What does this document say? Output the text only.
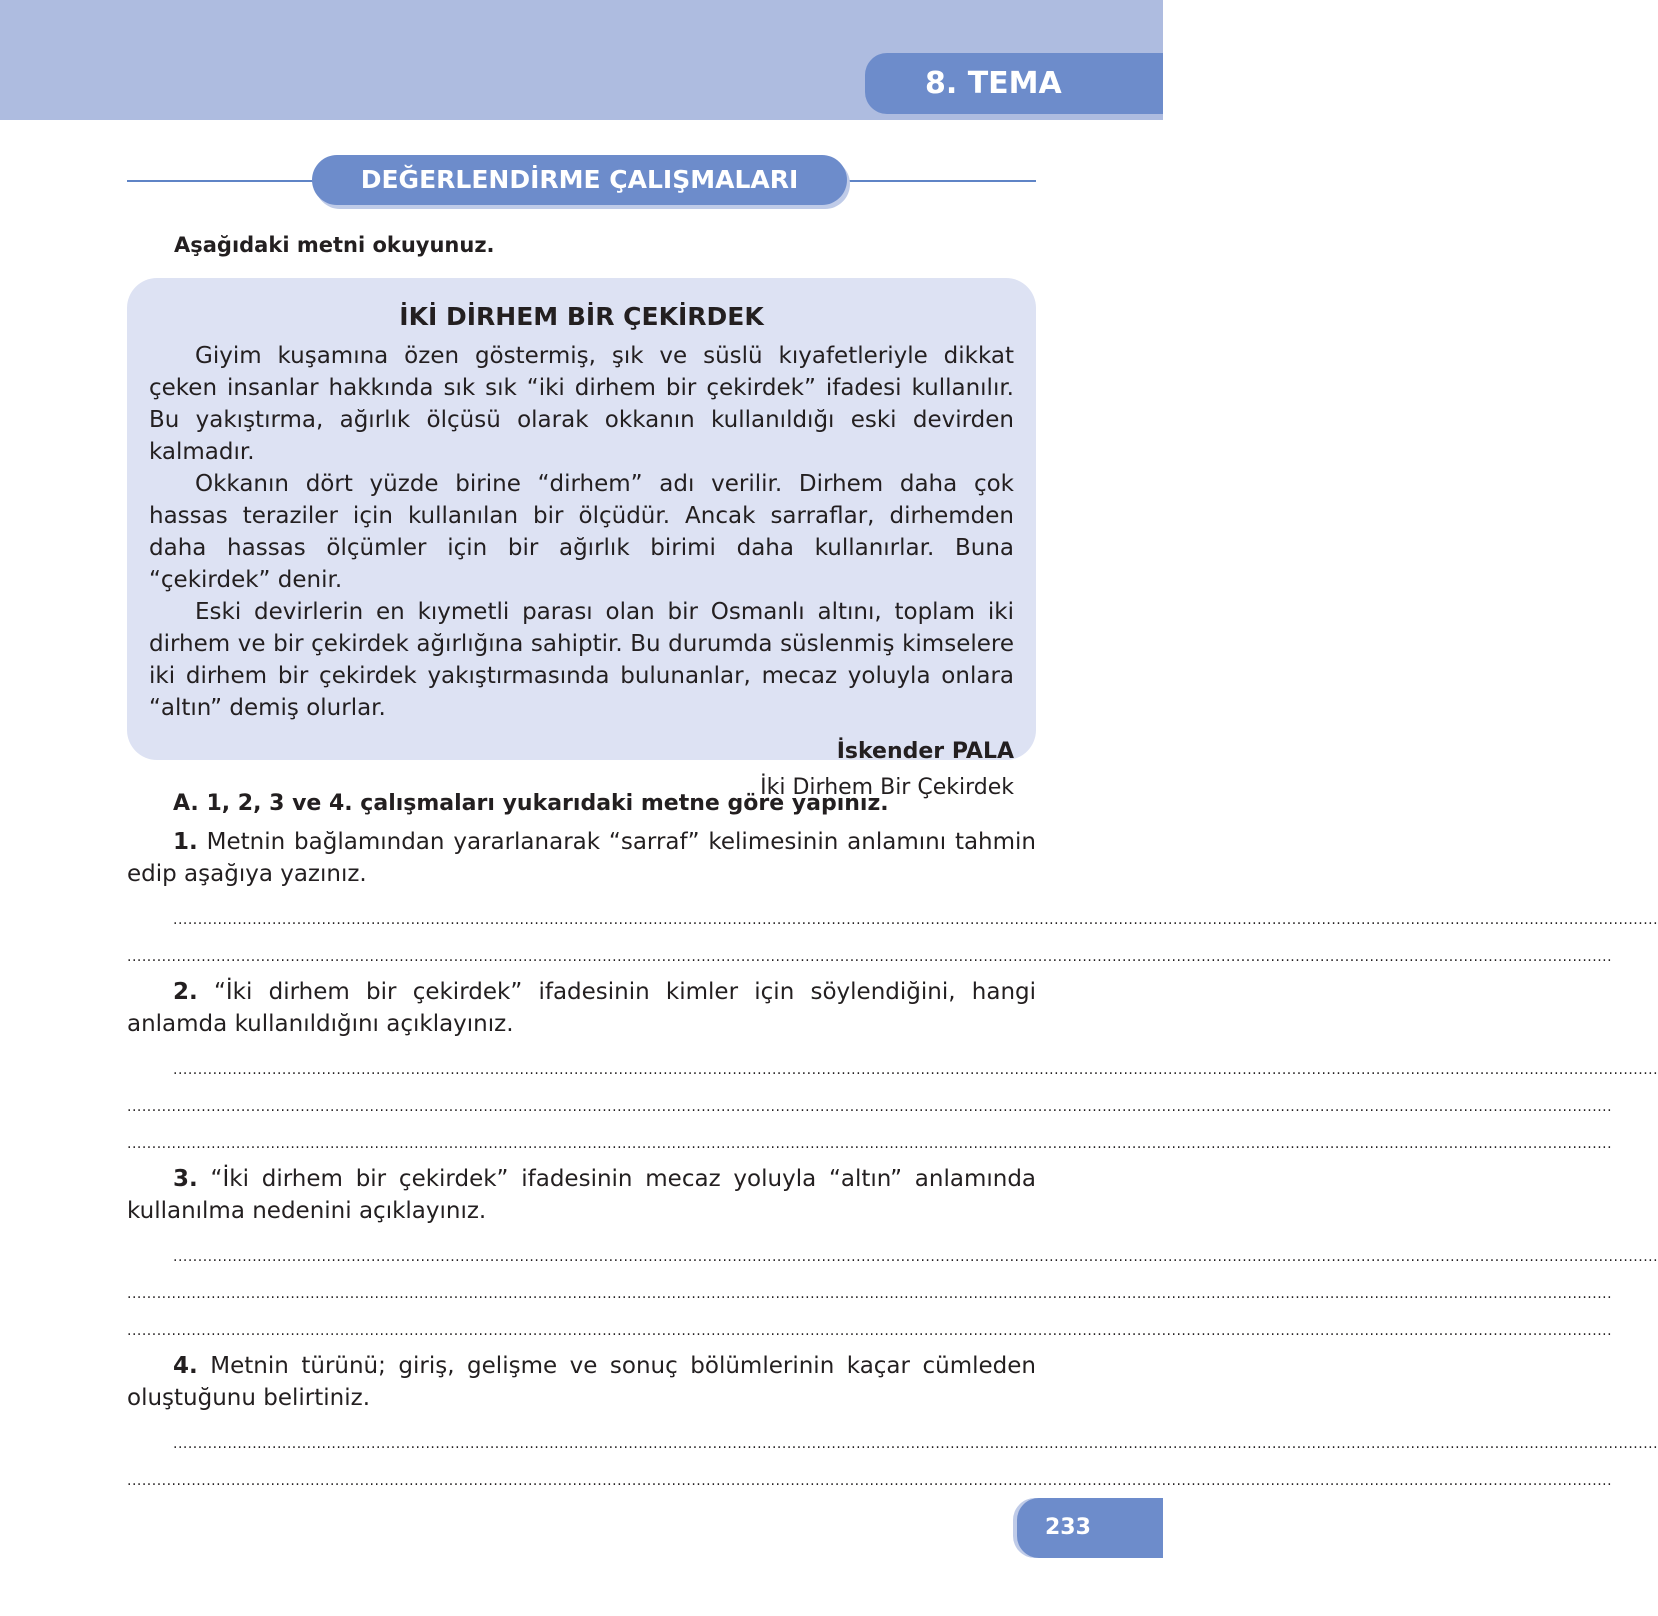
8. TEMA
DEĞERLENDİRME ÇALIŞMALARI
Aşağıdaki metni okuyunuz.
İKİ DİRHEM BİR ÇEKİRDEK

Giyim kuşamına özen göstermiş, şık ve süslü kıyafetleriyle dikkat çeken insanlar hakkında sık sık “iki dirhem bir çekirdek” ifadesi kullanılır. Bu yakıştırma, ağırlık ölçüsü olarak okkanın kullanıldığı eski devirden kalmadır.

Okkanın dört yüzde birine “dirhem” adı verilir. Dirhem daha çok hassas teraziler için kullanılan bir ölçüdür. Ancak sarraflar, dirhemden daha hassas ölçümler için bir ağırlık birimi daha kullanırlar. Buna “çekirdek” denir.

Eski devirlerin en kıymetli parası olan bir Osmanlı altını, toplam iki dirhem ve bir çekirdek ağırlığına sahiptir. Bu durumda süslenmiş kimselere iki dirhem bir çekirdek yakıştırmasında bulunanlar, mecaz yoluyla onlara “altın” demiş olurlar.

İskender PALA
İki Dirhem Bir Çekirdek
A. 1, 2, 3 ve 4. çalışmaları yukarıdaki metne göre yapınız.

1. Metnin bağlamından yararlanarak “sarraf” kelimesinin anlamını tahmin edip aşağıya yazınız.

............................................................................................................................................................................................................................................................................................................
............................................................................................................................................................................................................................................................................................................

2. “İki dirhem bir çekirdek” ifadesinin kimler için söylendiğini, hangi anlamda kullanıldığını açıklayınız.

............................................................................................................................................................................................................................................................................................................
............................................................................................................................................................................................................................................................................................................
............................................................................................................................................................................................................................................................................................................

3. “İki dirhem bir çekirdek” ifadesinin mecaz yoluyla “altın” anlamında kullanılma nedenini açıklayınız.

............................................................................................................................................................................................................................................................................................................
............................................................................................................................................................................................................................................................................................................
............................................................................................................................................................................................................................................................................................................

4. Metnin türünü; giriş, gelişme ve sonuç bölümlerinin kaçar cümleden oluştuğunu belirtiniz.

............................................................................................................................................................................................................................................................................................................
............................................................................................................................................................................................................................................................................................................
233
